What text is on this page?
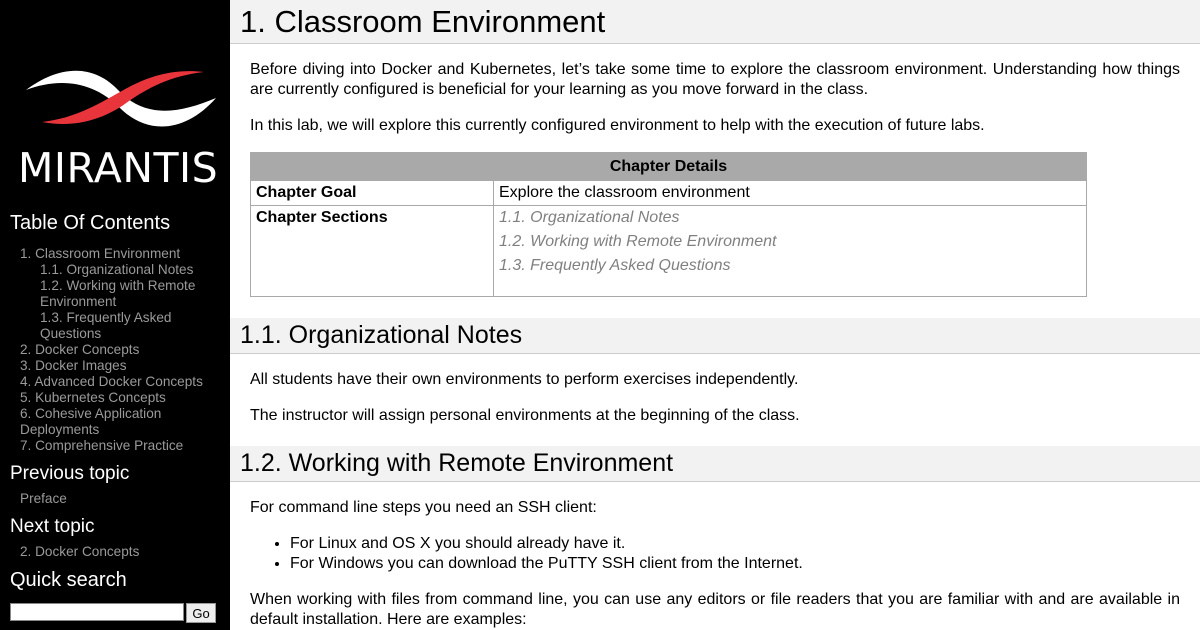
MIRANTIS
Table Of Contents
1. Classroom Environment
1.1. Organizational Notes
1.2. Working with Remote Environment
1.3. Frequently Asked Questions
2. Docker Concepts
3. Docker Images
4. Advanced Docker Concepts
5. Kubernetes Concepts
6. Cohesive Application Deployments
7. Comprehensive Practice
Previous topic
Preface
Next topic
2. Docker Concepts
Quick search
Go
1. Classroom Environment

Before diving into Docker and Kubernetes, let’s take some time to explore the classroom environment. Understanding how things are currently configured is beneficial for your learning as you move forward in the class.

In this lab, we will explore this currently configured environment to help with the execution of future labs.

Chapter Details	
Chapter Goal	Explore the classroom environment
Chapter Sections	1.1. Organizational Notes
1.2. Working with Remote Environment
1.3. Frequently Asked Questions
1.1. Organizational Notes

All students have their own environments to perform exercises independently.

The instructor will assign personal environments at the beginning of the class.

1.2. Working with Remote Environment

For command line steps you need an SSH client:

• For Linux and OS X you should already have it.
• For Windows you can download the PuTTY SSH client from the Internet.

When working with files from command line, you can use any editors or file readers that you are familiar with and are available in default installation. Here are examples:
